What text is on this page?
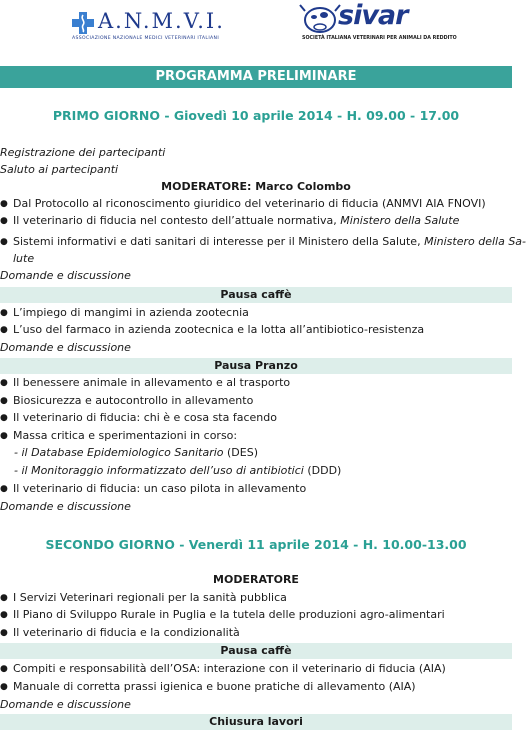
A.N.M.V.I.
ASSOCIAZIONE NAZIONALE MEDICI VETERINARI ITALIANI
sivar
SOCIETÀ ITALIANA VETERINARI PER ANIMALI DA REDDITO
PROGRAMMA PRELIMINARE
PRIMO GIORNO - Giovedì 10 aprile 2014 - H. 09.00 - 17.00
Registrazione dei partecipanti
Saluto ai partecipanti
MODERATORE: Marco Colombo
● Dal Protocollo al riconoscimento giuridico del veterinario di fiducia (ANMVI AIA FNOVI)
● Il veterinario di fiducia nel contesto dell’attuale normativa, Ministero della Salute
● Sistemi informativi e dati sanitari di interesse per il Ministero della Salute, Ministero della Sa-
lute
Domande e discussione
Pausa caffè
● L’impiego di mangimi in azienda zootecnia
● L’uso del farmaco in azienda zootecnica e la lotta all’antibiotico-resistenza
Domande e discussione
Pausa Pranzo
● Il benessere animale in allevamento e al trasporto
● Biosicurezza e autocontrollo in allevamento
● Il veterinario di fiducia: chi è e cosa sta facendo
● Massa critica e sperimentazioni in corso:
- il Database Epidemiologico Sanitario (DES)
- il Monitoraggio informatizzato dell’uso di antibiotici (DDD)
● Il veterinario di fiducia: un caso pilota in allevamento
Domande e discussione
SECONDO GIORNO - Venerdì 11 aprile 2014 - H. 10.00-13.00
MODERATORE
● I Servizi Veterinari regionali per la sanità pubblica
● Il Piano di Sviluppo Rurale in Puglia e la tutela delle produzioni agro-alimentari
● Il veterinario di fiducia e la condizionalità
Pausa caffè
● Compiti e responsabilità dell’OSA: interazione con il veterinario di fiducia (AIA)
● Manuale di corretta prassi igienica e buone pratiche di allevamento (AIA)
Domande e discussione
Chiusura lavori
